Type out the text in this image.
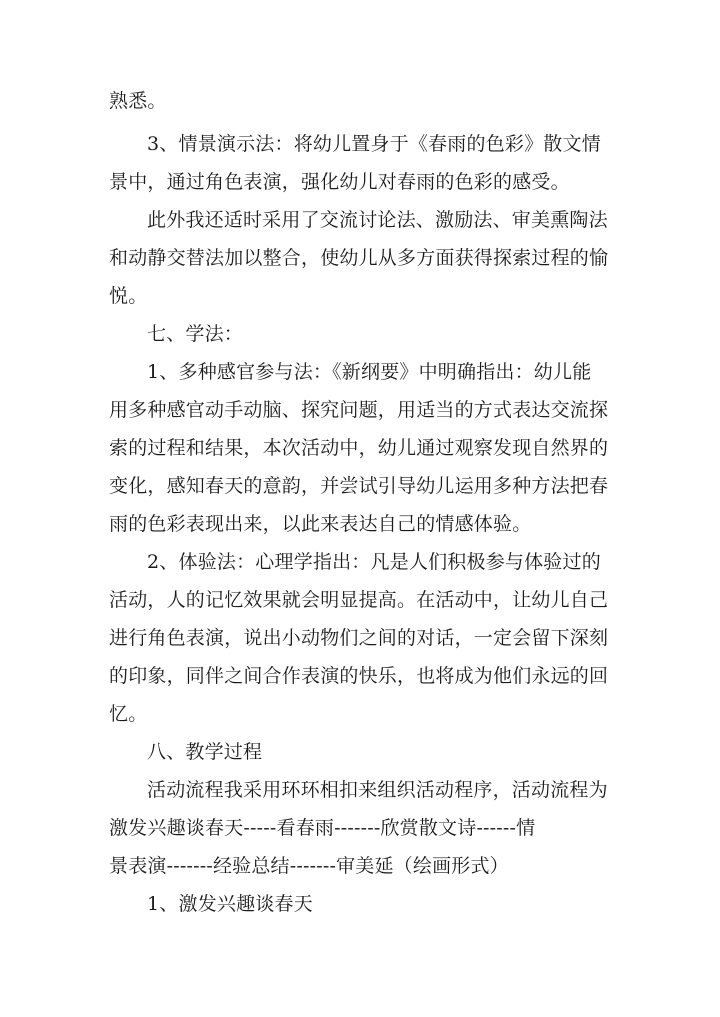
熟悉。
3、情景演示法：将幼儿置身于《春雨的色彩》散文情
景中，通过角色表演，强化幼儿对春雨的色彩的感受。
此外我还适时采用了交流讨论法、激励法、审美熏陶法
和动静交替法加以整合，使幼儿从多方面获得探索过程的愉
悦。
七、学法：
1、多种感官参与法：《新纲要》中明确指出：幼儿能
用多种感官动手动脑、探究问题，用适当的方式表达交流探
索的过程和结果，本次活动中，幼儿通过观察发现自然界的
变化，感知春天的意韵，并尝试引导幼儿运用多种方法把春
雨的色彩表现出来，以此来表达自己的情感体验。
2、体验法：心理学指出：凡是人们积极参与体验过的
活动，人的记忆效果就会明显提高。在活动中，让幼儿自己
进行角色表演，说出小动物们之间的对话，一定会留下深刻
的印象，同伴之间合作表演的快乐，也将成为他们永远的回
忆。
八、教学过程
活动流程我采用环环相扣来组织活动程序，活动流程为
激发兴趣谈春天-----看春雨-------欣赏散文诗------情
景表演-------经验总结-------审美延（绘画形式）
1、激发兴趣谈春天
